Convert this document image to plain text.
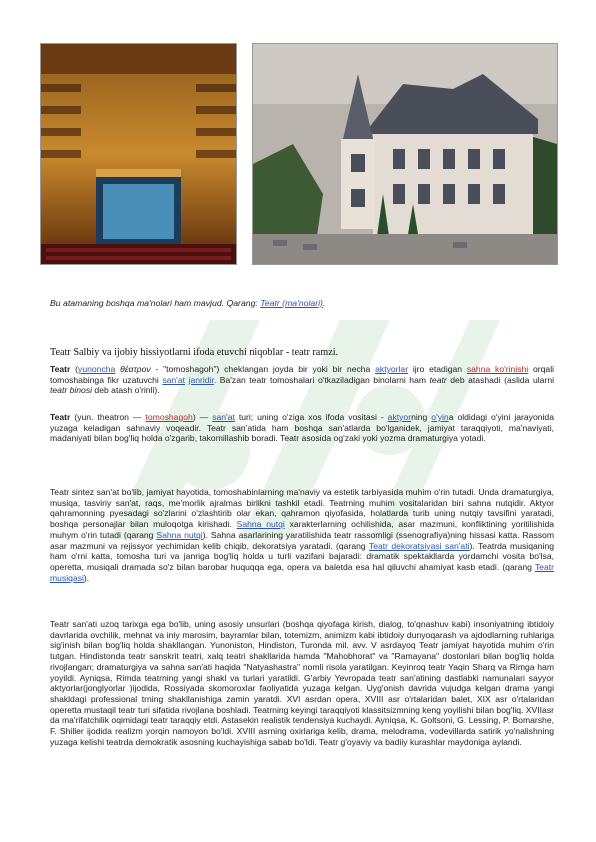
Bu atamaning boshqa ma'nolari ham mavjud. Qarang: Teatr (ma'nolari).
Teatr Salbiy va ijobiy hissiyotlarni ifoda etuvchi niqoblar - teatr ramzi.
Teatr (yunoncha θέατρον - "tomoshagoh") cheklangan joyda bir yoki bir necha aktyorlar ijro etadigan sahna ko'rinishi orqali tomoshabinga fikr uzatuvchi san'at janridir. Ba'zan teatr tomoshalari o'tkaziladigan binolarni ham teatr deb atashadi (aslida ularni teatr binosi deb atash o'rinli).
Teatr (yun. theatron — tomoshagoh) — san'at turi; uning o'ziga xos ifoda vositasi - aktyorning o'yina oldidagi o'yini jarayonida yuzaga keladigan sahnaviy voqeadir. Teatr san'atida ham boshqa san'atlarda bo'lganidek, jamiyat taraqqiyoti, ma'naviyati, madaniyati bilan bog'liq holda o'zgarib, takomillashib boradi. Teatr asosida og'zaki yoki yozma dramaturgiya yotadi.
Teatr sintez san'at bo'lib, jamiyat hayotida, tomoshabinlarning ma'naviy va estetik tarbiyasida muhim o'rin tutadi. Unda dramaturgiya, musiqa, tasviriy san'at, raqs, me'morlik ajralmas birlikni tashkil etadi. Teatrning muhim vositalaridan biri sahna nutqidir. Aktyor qahramonning pyesadagi so'zlarini o'zlashtirib olar ekan, qahramon qiyofasida, holatlarda turib uning nutqiy tavsifini yaratadi, boshqa personajlar bilan muloqotga kirishadi. Sahna nutqi xarakterlarning ochilishida, asar mazmuni, konfliktining yoritilishida muhym o'rin tutadi (qarang Sahna nutqi). Sahna asarlarining yaratilishida teatr rassomligi (ssenografiya)ning hissasi katta. Rassom asar mazmuni va rejissyor yechimidan kelib chiqib, dekoratsiya yaratadi. (qarang Teatr dekoratsiyasi san'ati). Teatrda musiqaning ham o'rni katta, tomosha turi va janriga bog'liq holda u turli vazifani bajaradi: dramatik spektakllarda yordamchi vosita bo'lsa, operetta, musiqali dramada so'z bilan barobar huquqqa ega, opera va baletda esa hal qiluvchi ahamiyat kasb etadi. (qarang Teatr musiqasi).
Teatr san'ati uzoq tarixga ega bo'lib, uning asosiy unsurlari (boshqa qiyofaga kirish, dialog, to'qnashuv kabi) insoniyatning ibtidoiy davrlarida ovchilik, mehnat va iniy marosim, bayramlar bilan, totemizm, animizm kabi ibtidoiy dunyoqarash va ajdodlarning ruhlariga sig'inish bilan bog'liq holda shakllangan. Yunoniston, Hindiston, Turonda mil. avv. V asrdayoq Teatr jamiyat hayotida muhim o'rin tutgan. Hindistonda teatr sanskrit teatri, xalq teatri shakllarida hamda "Mahobhorat" va "Ramayana" dostonlari bilan bog'liq holda rivojlangan; dramaturgiya va sahna san'ati haqida "Natyashastra" nomli risola yaratilgan. Keyinroq teatr Yaqin Sharq va Rimga ham yoyildi. Ayniqsa, Rimda teatrning yangi shakl va turlari yaratildi. G'arbiy Yevropada teatr san'atining dastlabki namunalari sayyor aktyorlar(jonglyorlar )ijodida, Rossiyada skomoroxlar faoliyatida yuzaga kelgan. Uyg'onish davrida vujudga kelgan drama yangi shakldagi professional trning shakllanishiga zamin yaratdi. XVI asrdan opera, XVIII asr o'rtalaridan balet, XIX asr o'rtalaridan operetta mustaqil teatr turi sifatida rivojlana boshladi. Teatrning keyingi taraqqiyoti klassitsizmning keng yoyilishi bilan bog'liq. XVIIasr da ma'rifatchilik oqimidagi teatr taraqqiy etdi. Astasekin realistik tendensiya kuchaydi. Ayniqsa, K. Goltsoni, G. Lessing, P. Bomarshe, F. Shiller ijodida realizm yorqin namoyon bo'ldi. XVIII asrning oxirlariga kelib, drama, melodrama, vodevillarda satirik yo'nalishning yuzaga kelishi teatrda demokratik asosning kuchayishiga sabab bo'ldi. Teatr g'oyaviy va badiiy kurashlar maydoniga aylandi.
